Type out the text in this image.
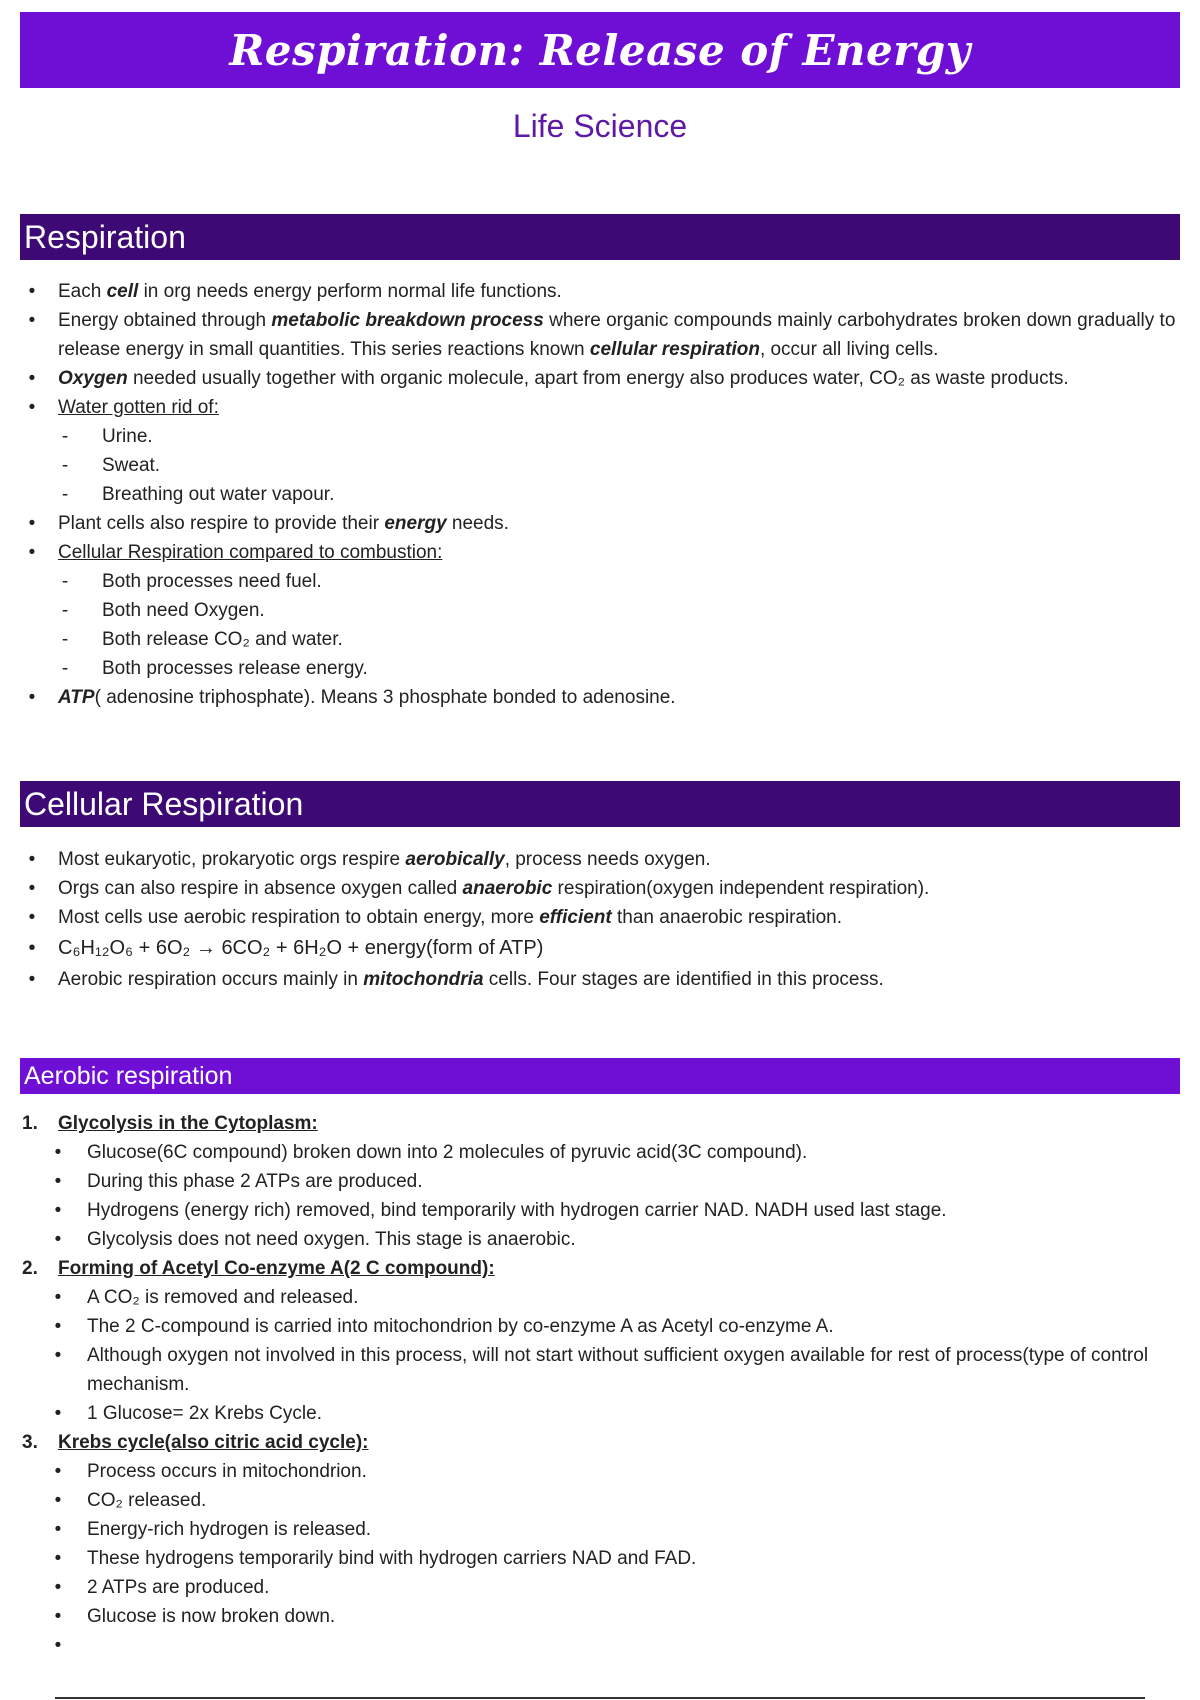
Respiration: Release of Energy
Life Science
Respiration
•	Each cell in org needs energy perform normal life functions.
•	Energy obtained through metabolic breakdown process where organic compounds mainly carbohydrates broken down gradually to release energy in small quantities. This series reactions known cellular respiration, occur all living cells.
•	Oxygen needed usually together with organic molecule, apart from energy also produces water, CO₂ as waste products.
•	Water gotten rid of:
- Urine.
- Sweat.
- Breathing out water vapour.
•	Plant cells also respire to provide their energy needs.
•	Cellular Respiration compared to combustion:
- Both processes need fuel.
- Both need Oxygen.
- Both release CO₂ and water.
- Both processes release energy.
•	ATP( adenosine triphosphate). Means 3 phosphate bonded to adenosine.
Cellular Respiration
•	Most eukaryotic, prokaryotic orgs respire aerobically, process needs oxygen.
•	Orgs can also respire in absence oxygen called anaerobic respiration(oxygen independent respiration).
•	Most cells use aerobic respiration to obtain energy, more efficient than anaerobic respiration.
•	C₆H₁₂O₆ + 6O₂ → 6CO₂ + 6H₂O + energy(form of ATP)
•	Aerobic respiration occurs mainly in mitochondria cells. Four stages are identified in this process.
Aerobic respiration
1. Glycolysis in the Cytoplasm:
• Glucose(6C compound) broken down into 2 molecules of pyruvic acid(3C compound).
• During this phase 2 ATPs are produced.
• Hydrogens (energy rich) removed, bind temporarily with hydrogen carrier NAD. NADH used last stage.
• Glycolysis does not need oxygen. This stage is anaerobic.
2. Forming of Acetyl Co-enzyme A(2 C compound):
• A CO₂ is removed and released.
• The 2 C-compound is carried into mitochondrion by co-enzyme A as Acetyl co-enzyme A.
• Although oxygen not involved in this process, will not start without sufficient oxygen available for rest of process(type of control mechanism.
• 1 Glucose= 2x Krebs Cycle.
3. Krebs cycle(also citric acid cycle):
• Process occurs in mitochondrion.
• CO₂ released.
• Energy-rich hydrogen is released.
• These hydrogens temporarily bind with hydrogen carriers NAD and FAD.
• 2 ATPs are produced.
• Glucose is now broken down.
•
